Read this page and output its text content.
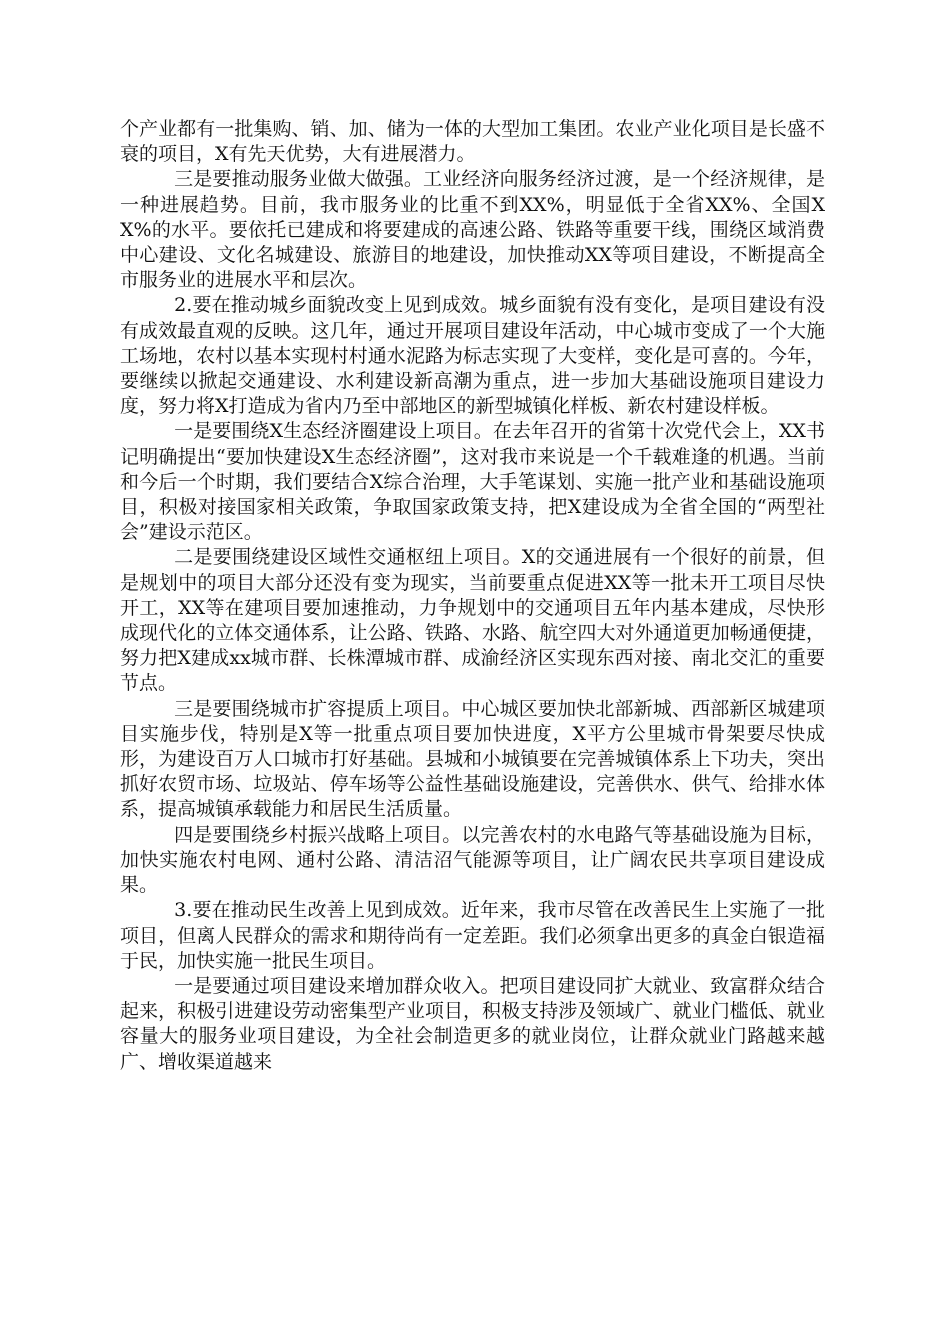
个产业都有一批集购、销、加、储为一体的大型加工集团。农业产业化项目是长盛不衰的项目，X有先天优势，大有进展潜力。

三是要推动服务业做大做强。工业经济向服务经济过渡，是一个经济规律，是一种进展趋势。目前，我市服务业的比重不到XX%，明显低于全省XX%、全国XX%的水平。要依托已建成和将要建成的高速公路、铁路等重要干线，围绕区域消费中心建设、文化名城建设、旅游目的地建设，加快推动XX等项目建设，不断提高全市服务业的进展水平和层次。

2.要在推动城乡面貌改变上见到成效。城乡面貌有没有变化，是项目建设有没有成效最直观的反映。这几年，通过开展项目建设年活动，中心城市变成了一个大施工场地，农村以基本实现村村通水泥路为标志实现了大变样，变化是可喜的。今年，要继续以掀起交通建设、水利建设新高潮为重点，进一步加大基础设施项目建设力度，努力将X打造成为省内乃至中部地区的新型城镇化样板、新农村建设样板。

一是要围绕X生态经济圈建设上项目。在去年召开的省第十次党代会上，XX书记明确提出“要加快建设X生态经济圈”，这对我市来说是一个千载难逢的机遇。当前和今后一个时期，我们要结合X综合治理，大手笔谋划、实施一批产业和基础设施项目，积极对接国家相关政策，争取国家政策支持，把X建设成为全省全国的“两型社会”建设示范区。

二是要围绕建设区域性交通枢纽上项目。X的交通进展有一个很好的前景，但是规划中的项目大部分还没有变为现实，当前要重点促进XX等一批未开工项目尽快开工，XX等在建项目要加速推动，力争规划中的交通项目五年内基本建成，尽快形成现代化的立体交通体系，让公路、铁路、水路、航空四大对外通道更加畅通便捷，努力把X建成xx城市群、长株潭城市群、成渝经济区实现东西对接、南北交汇的重要节点。

三是要围绕城市扩容提质上项目。中心城区要加快北部新城、西部新区城建项目实施步伐，特别是X等一批重点项目要加快进度，X平方公里城市骨架要尽快成形，为建设百万人口城市打好基础。县城和小城镇要在完善城镇体系上下功夫，突出抓好农贸市场、垃圾站、停车场等公益性基础设施建设，完善供水、供气、给排水体系，提高城镇承载能力和居民生活质量。

四是要围绕乡村振兴战略上项目。以完善农村的水电路气等基础设施为目标，加快实施农村电网、通村公路、清洁沼气能源等项目，让广阔农民共享项目建设成果。

3.要在推动民生改善上见到成效。近年来，我市尽管在改善民生上实施了一批项目，但离人民群众的需求和期待尚有一定差距。我们必须拿出更多的真金白银造福于民，加快实施一批民生项目。

一是要通过项目建设来增加群众收入。把项目建设同扩大就业、致富群众结合起来，积极引进建设劳动密集型产业项目，积极支持涉及领域广、就业门槛低、就业容量大的服务业项目建设，为全社会制造更多的就业岗位，让群众就业门路越来越广、增收渠道越来
